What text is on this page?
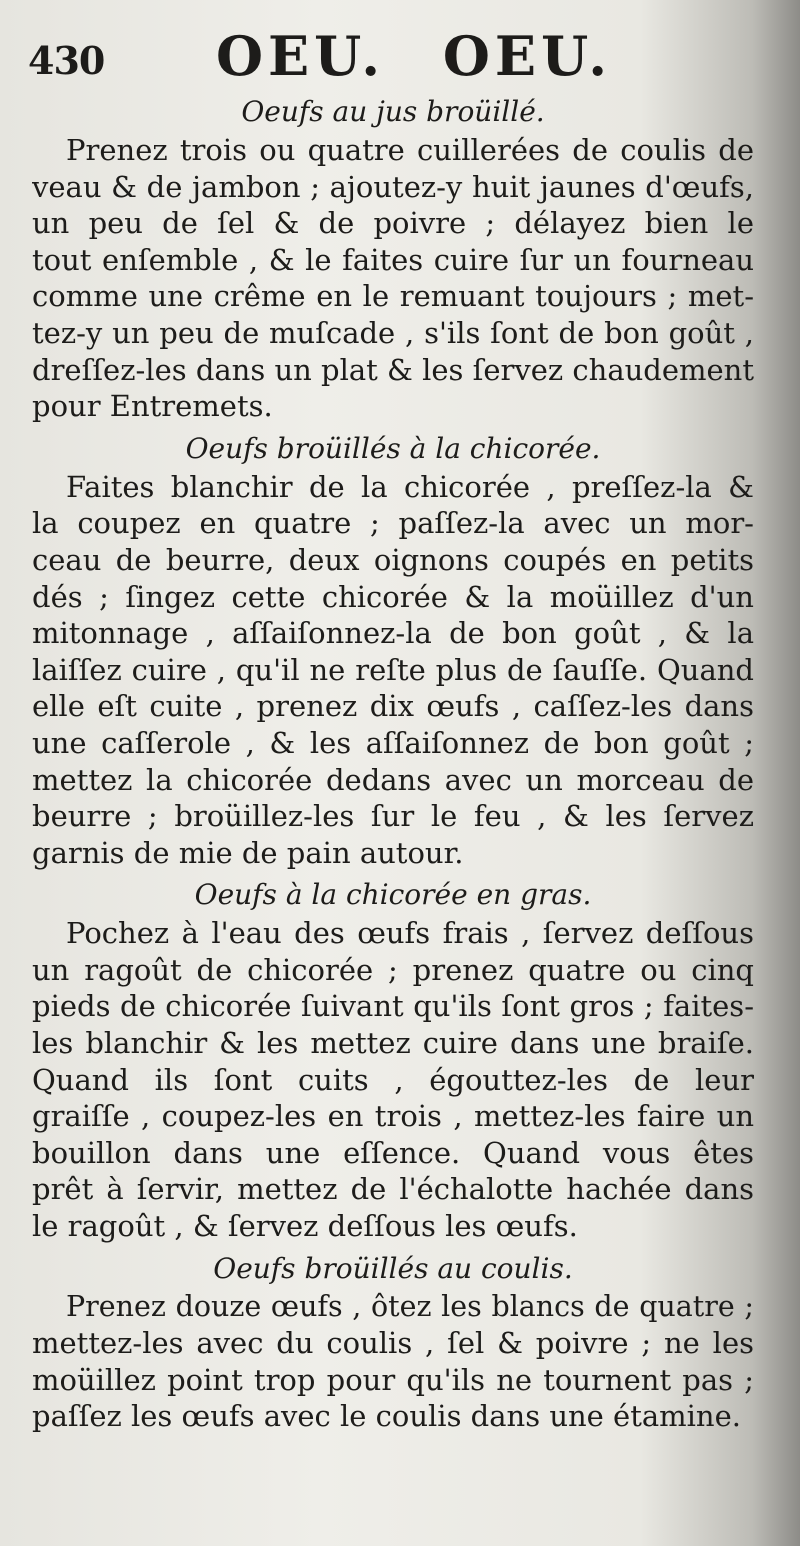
430	OEU. OEU.
Oeufs au jus broüillé.
Prenez trois ou quatre cuillerées de coulis de
veau & de jambon ; ajoutez-y huit jaunes d'œufs,
un peu de ſel & de poivre ; délayez bien le
tout enſemble , & le faites cuire ſur un fourneau
comme une crême en le remuant toujours ; met-
tez-y un peu de muſcade , s'ils ſont de bon goût ,
dreſſez-les dans un plat & les ſervez chaudement
pour Entremets.
Oeufs broüillés à la chicorée.
Faites blanchir de la chicorée , preſſez-la &
la coupez en quatre ; paſſez-la avec un mor-
ceau de beurre, deux oignons coupés en petits
dés ; ſingez cette chicorée & la moüillez d'un
mitonnage , aſſaiſonnez-la de bon goût , & la
laiſſez cuire , qu'il ne reſte plus de ſauſſe. Quand
elle eſt cuite , prenez dix œufs , caſſez-les dans
une caſſerole , & les aſſaiſonnez de bon goût ;
mettez la chicorée dedans avec un morceau de
beurre ; broüillez-les ſur le feu , & les ſervez
garnis de mie de pain autour.
Oeufs à la chicorée en gras.
Pochez à l'eau des œufs frais , ſervez deſſous
un ragoût de chicorée ; prenez quatre ou cinq
pieds de chicorée ſuivant qu'ils ſont gros ; faites-
les blanchir & les mettez cuire dans une braiſe.
Quand ils ſont cuits , égouttez-les de leur
graiſſe , coupez-les en trois , mettez-les faire un
bouillon dans une eſſence. Quand vous êtes
prêt à ſervir, mettez de l'échalotte hachée dans
le ragoût , & ſervez deſſous les œufs.
Oeufs broüillés au coulis.
Prenez douze œufs , ôtez les blancs de quatre ;
mettez-les avec du coulis , ſel & poivre ; ne les
moüillez point trop pour qu'ils ne tournent pas ;
paſſez les œufs avec le coulis dans une étamine.
